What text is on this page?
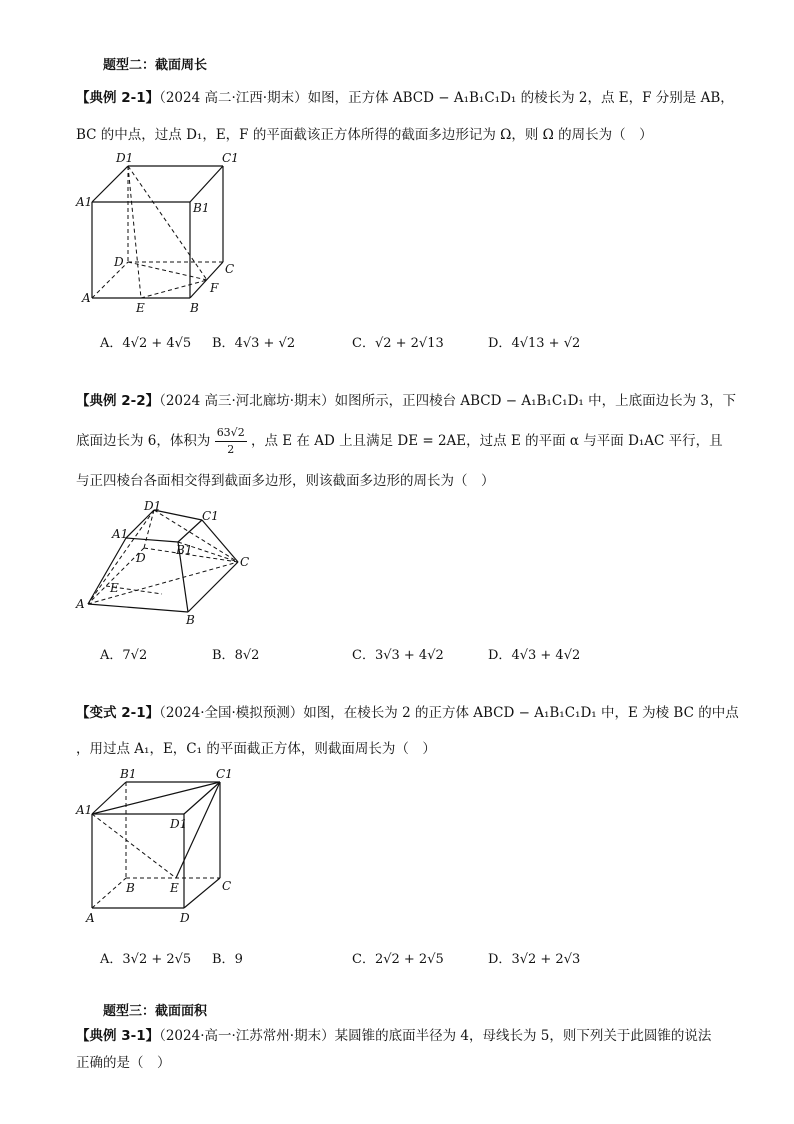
题型二：截面周长
【典例 2-1】（2024 高二·江西·期末）如图，正方体 ABCD − A₁B₁C₁D₁ 的棱长为 2，点 E，F 分别是 AB，
BC 的中点，过点 D₁，E，F 的平面截该正方体所得的截面多边形记为 Ω，则 Ω 的周长为（　）
D1	C1
A1	B1
D	C
A
E	B
F
A．4√2 + 4√5 B．4√3 + √2	C．√2 + 2√13	D．4√13 + √2
【典例 2-2】（2024 高三·河北廊坊·期末）如图所示，正四棱台 ABCD − A₁B₁C₁D₁ 中，上底面边长为 3，下
底面边长为 6，体积为 $\frac{63√2}{2}$ ，点 E 在 AD 上且满足 DE = 2AE，过点 E 的平面 α 与平面 D₁AC 平行，且
与正四棱台各面相交得到截面多边形，则该截面多边形的周长为（　）
D1
C1
A1
B1
D	C
E
A
B
A．7√2	B．8√2	C．3√3 + 4√2	D．4√3 + 4√2
【变式 2-1】（2024·全国·模拟预测）如图，在棱长为 2 的正方体 ABCD − A₁B₁C₁D₁ 中，E 为棱 BC 的中点
，用过点 A₁，E，C₁ 的平面截正方体，则截面周长为（　）
B1	C1
A1
D1
B	E	C
A	D
A．3√2 + 2√5 B．9	C．2√2 + 2√5	D．3√2 + 2√3
题型三：截面面积
【典例 3-1】（2024·高一·江苏常州·期末）某圆锥的底面半径为 4，母线长为 5，则下列关于此圆锥的说法
正确的是（　）
